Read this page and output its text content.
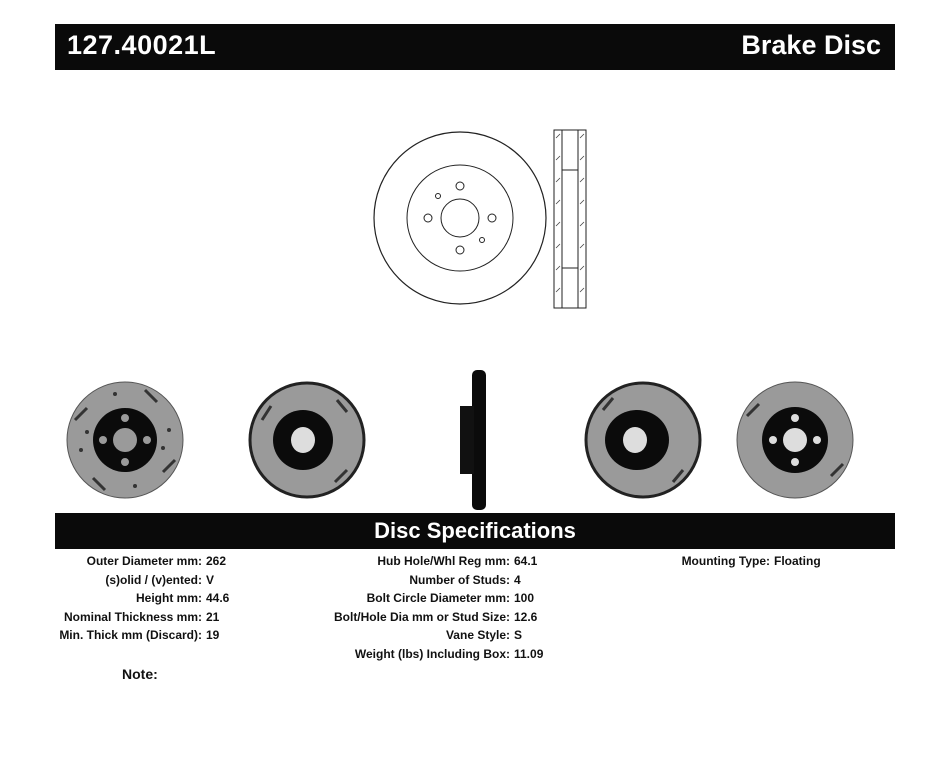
127.40021L	Brake Disc
Disc Specifications
Outer Diameter mm: 262
(s)olid / (v)ented: V
Height mm: 44.6
Nominal Thickness mm: 21
Min. Thick mm (Discard): 19
Hub Hole/Whl Reg mm: 64.1
Number of Studs: 4
Bolt Circle Diameter mm: 100
Bolt/Hole Dia mm or Stud Size: 12.6
Vane Style: S
Weight (lbs) Including Box: 11.09
Mounting Type: Floating
Note:
